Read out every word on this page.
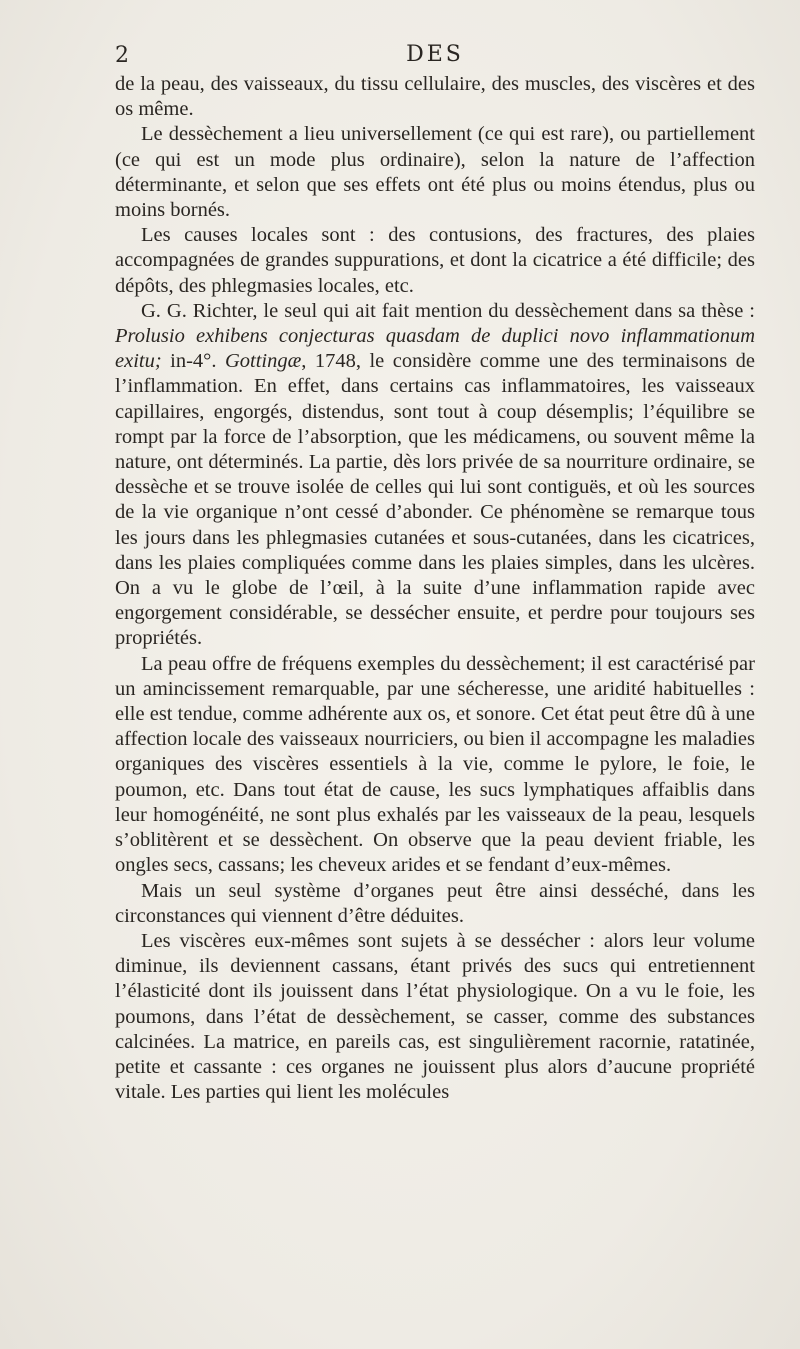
2	DES

de la peau, des vaisseaux, du tissu cellulaire, des muscles, des viscères et des os même.

Le dessèchement a lieu universellement (ce qui est rare), ou partiellement (ce qui est un mode plus ordinaire), selon la nature de l’affection déterminante, et selon que ses effets ont été plus ou moins étendus, plus ou moins bornés.

Les causes locales sont : des contusions, des fractures, des plaies accompagnées de grandes suppurations, et dont la cicatrice a été difficile; des dépôts, des phlegmasies locales, etc.

G. G. Richter, le seul qui ait fait mention du dessèchement dans sa thèse : Prolusio exhibens conjecturas quasdam de duplici novo inflammationum exitu; in-4°. Gottingæ, 1748, le considère comme une des terminaisons de l’inflammation. En effet, dans certains cas inflammatoires, les vaisseaux capillaires, engorgés, distendus, sont tout à coup désemplis; l’équilibre se rompt par la force de l’absorption, que les médicamens, ou souvent même la nature, ont déterminés. La partie, dès lors privée de sa nourriture ordinaire, se dessèche et se trouve isolée de celles qui lui sont contiguës, et où les sources de la vie organique n’ont cessé d’abonder. Ce phénomène se remarque tous les jours dans les phlegmasies cutanées et sous-cutanées, dans les cicatrices, dans les plaies compliquées comme dans les plaies simples, dans les ulcères. On a vu le globe de l’œil, à la suite d’une inflammation rapide avec engorgement considérable, se dessécher ensuite, et perdre pour toujours ses propriétés.

La peau offre de fréquens exemples du dessèchement; il est caractérisé par un amincissement remarquable, par une sécheresse, une aridité habituelles : elle est tendue, comme adhérente aux os, et sonore. Cet état peut être dû à une affection locale des vaisseaux nourriciers, ou bien il accompagne les maladies organiques des viscères essentiels à la vie, comme le pylore, le foie, le poumon, etc. Dans tout état de cause, les sucs lymphatiques affaiblis dans leur homogénéité, ne sont plus exhalés par les vaisseaux de la peau, lesquels s’oblitèrent et se dessèchent. On observe que la peau devient friable, les ongles secs, cassans; les cheveux arides et se fendant d’eux-mêmes.

Mais un seul système d’organes peut être ainsi desséché, dans les circonstances qui viennent d’être déduites.

Les viscères eux-mêmes sont sujets à se dessécher : alors leur volume diminue, ils deviennent cassans, étant privés des sucs qui entretiennent l’élasticité dont ils jouissent dans l’état physiologique. On a vu le foie, les poumons, dans l’état de dessèchement, se casser, comme des substances calcinées. La matrice, en pareils cas, est singulièrement racornie, ratatinée, petite et cassante : ces organes ne jouissent plus alors d’aucune propriété vitale. Les parties qui lient les molécules
